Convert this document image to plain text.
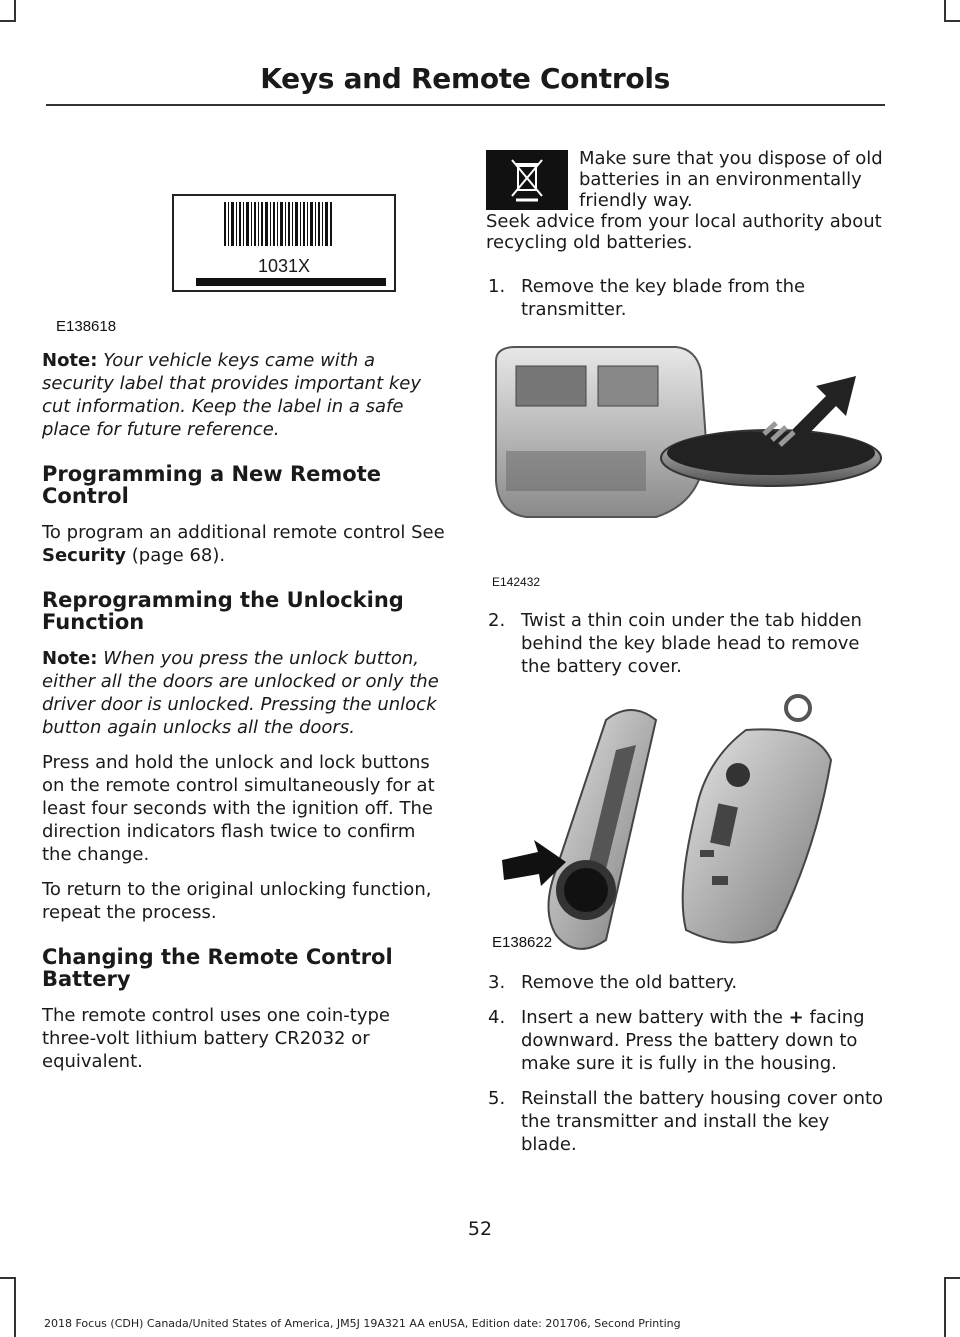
Keys and Remote Controls
1031X
E138618

Note: Your vehicle keys came with a security label that provides important key cut information. Keep the label in a safe place for future reference.

Programming a New Remote Control

To program an additional remote control See Security (page 68).

Reprogramming the Unlocking Function

Note: When you press the unlock button, either all the doors are unlocked or only the driver door is unlocked. Pressing the unlock button again unlocks all the doors.

Press and hold the unlock and lock buttons on the remote control simultaneously for at least four seconds with the ignition off. The direction indicators flash twice to confirm the change.

To return to the original unlocking function, repeat the process.

Changing the Remote Control Battery

The remote control uses one coin-type three-volt lithium battery CR2032 or equivalent.

Make sure that you dispose of old batteries in an environmentally friendly way.

Seek advice from your local authority about recycling old batteries.

1. Remove the key blade from the transmitter.
E142432
2. Twist a thin coin under the tab hidden behind the key blade head to remove the battery cover.
E138622
3. Remove the old battery.
4. Insert a new battery with the + facing downward. Press the battery down to make sure it is fully in the housing.
5. Reinstall the battery housing cover onto the transmitter and install the key blade.
52
2018 Focus (CDH) Canada/United States of America, JM5J 19A321 AA enUSA, Edition date: 201706, Second Printing
